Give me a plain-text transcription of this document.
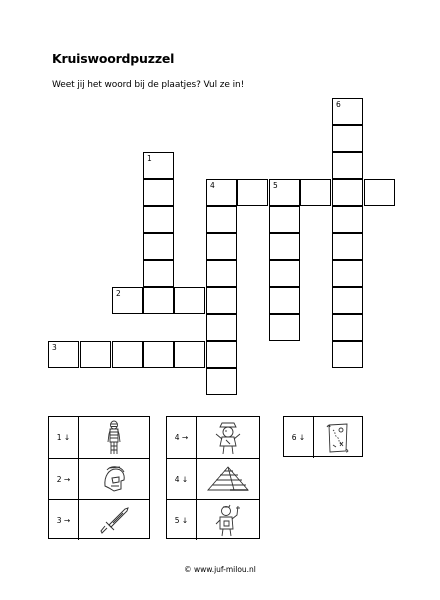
Kruiswoordpuzzel
Weet jij het woord bij de plaatjes? Vul ze in!
6
1
4	5
2
3
1 ↓
2 →
3 →
4 →
4 ↓
5 ↓
6 ↓
© www.juf-milou.nl
